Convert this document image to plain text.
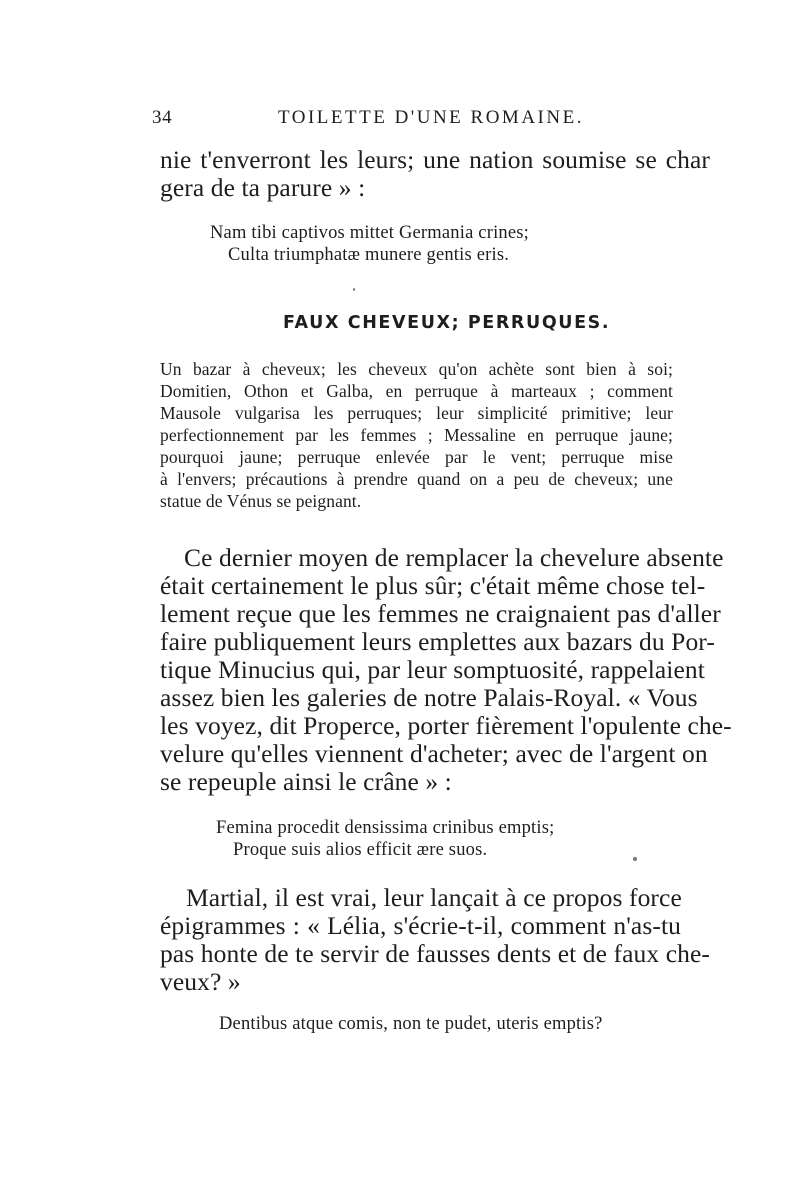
34	TOILETTE D'UNE ROMAINE.
nie t'enverront les leurs; une nation soumise se char
gera de ta parure » :
Nam tibi captivos mittet Germania crines;
Culta triumphatæ munere gentis eris.
FAUX CHEVEUX; PERRUQUES.
Un bazar à cheveux; les cheveux qu'on achète sont bien à soi;
Domitien, Othon et Galba, en perruque à marteaux ; comment
Mausole vulgarisa les perruques; leur simplicité primitive; leur
perfectionnement par les femmes ; Messaline en perruque jaune;
pourquoi jaune; perruque enlevée par le vent; perruque mise
à l'envers; précautions à prendre quand on a peu de cheveux; une
statue de Vénus se peignant.
Ce dernier moyen de remplacer la chevelure absente
était certainement le plus sûr; c'était même chose tel-
lement reçue que les femmes ne craignaient pas d'aller
faire publiquement leurs emplettes aux bazars du Por-
tique Minucius qui, par leur somptuosité, rappelaient
assez bien les galeries de notre Palais-Royal. « Vous
les voyez, dit Properce, porter fièrement l'opulente che-
velure qu'elles viennent d'acheter; avec de l'argent on
se repeuple ainsi le crâne » :
Femina procedit densissima crinibus emptis;
Proque suis alios efficit ære suos.
Martial, il est vrai, leur lançait à ce propos force
épigrammes : « Lélia, s'écrie-t-il, comment n'as-tu
pas honte de te servir de fausses dents et de faux che-
veux? »
Dentibus atque comis, non te pudet, uteris emptis?
